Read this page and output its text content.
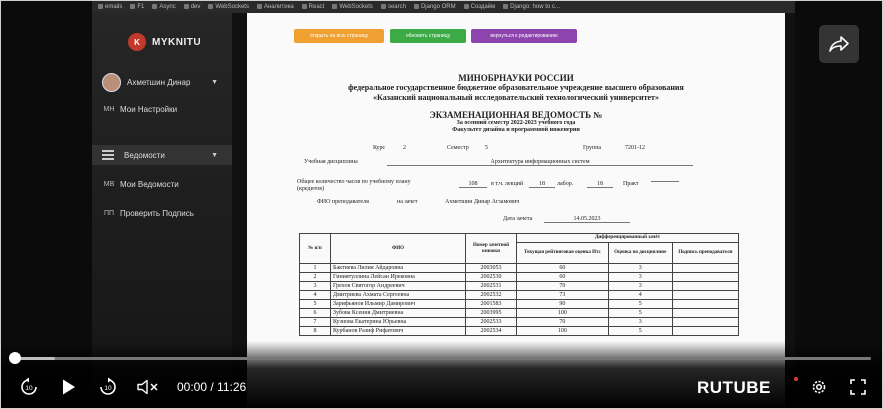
emails	F1	Async	dev	WebSockets	Аналитика	React	WebSockets	search	Django ORM	Создаём	Django: how to c...
K	MYKNITU
Ахметшин Динар	▼
МН Мои Настройки
Ведомости	▼
МВ Мои Ведомости
ПП Проверить Подпись
открыть на всю страницу	обновить страницу	вернуться к редактированию
МИНОБРНАУКИ РОССИИ
федеральное государственное бюджетное образовательное учреждение высшего образования
«Казанский национальный исследовательский технологический университет»
ЭКЗАМЕНАЦИОННАЯ ВЕДОМОСТЬ №
За осенний семестр 2022-2023 учебного года
Факультет дизайна и программной инженерии
Курс	2	Семестр	5	Группа	7201-12
Учебная дисциплина	Архитектура информационных систем
Общее количество часов по учебному плану (кредитов)
108	в т.ч. лекций	18	лабор.	18	Практ
ФИО преподавателя	на зачет	Ахметшин Динар Агзамович
Дата зачета	14.05.2023
№ п/п	ФИО	Номер зачетной книжки	Дифференцированный зачёт		
			Текущая рейтинговая оценка Итс	Оценка по дисциплине	Подпись преподавателя
1	Бактиева Лилия Айдаровна	2003053	60	3	
2	Гиниятуллина Лейсан Ирековна	2002530	60	3	
3	Грехов Святогор Андреевич	2002531	70	3	
4	Дмитриева Ахмата Сергеевна	2002532	73	4	
5	Зарифьянов Ильмир Дамирович	2001583	90	5	
6	Зубова Ксения Дмитриевна	2003995	100	5	
7	Кузнова Екатерина Юрьевна	2002533	70	3	
8	Курбанов Разиф Рифатович	2002534	100	5	
10	10	00:00 / 11:26	RUTUBE
